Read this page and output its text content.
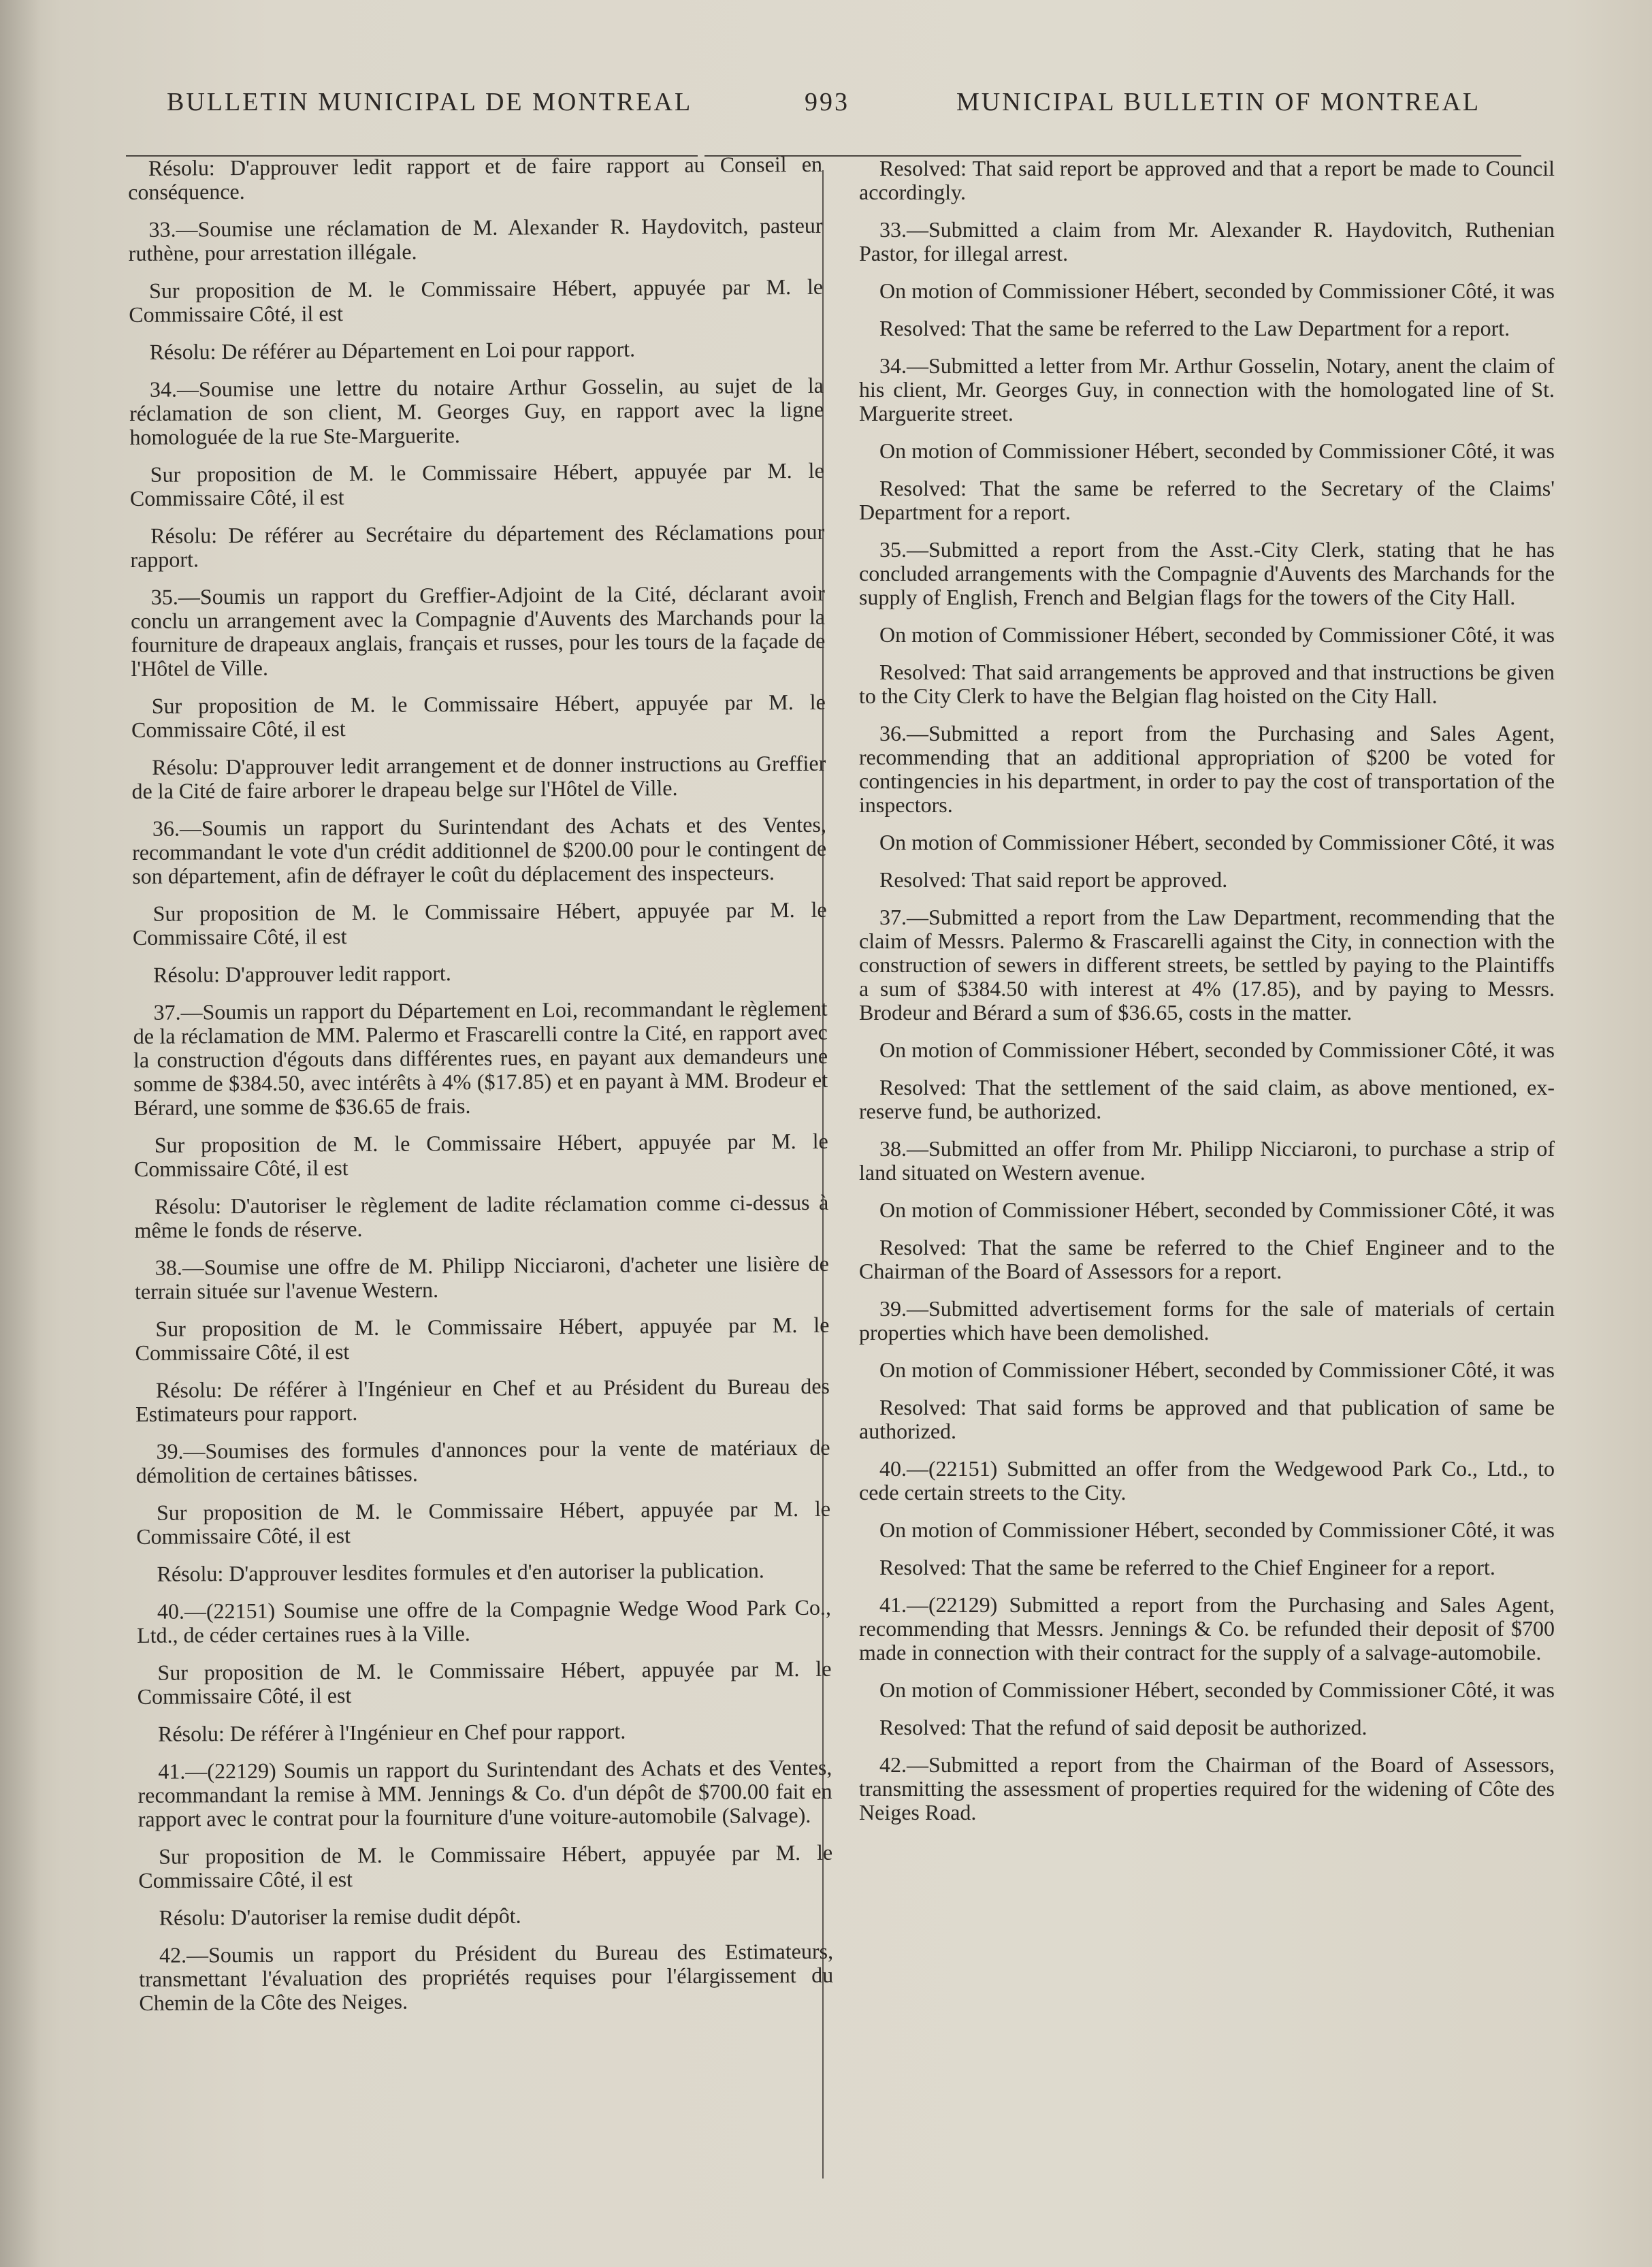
BULLETIN MUNICIPAL DE MONTREAL	993	MUNICIPAL BULLETIN OF MONTREAL

Résolu: D'approuver ledit rapport et de faire rapport au Conseil en conséquence.

33.—Soumise une réclamation de M. Alexander R. Haydovitch, pasteur ruthène, pour arrestation illégale.

Sur proposition de M. le Commissaire Hébert, appuyée par M. le Commissaire Côté, il est

Résolu: De référer au Département en Loi pour rapport.

34.—Soumise une lettre du notaire Arthur Gosselin, au sujet de la réclamation de son client, M. Georges Guy, en rapport avec la ligne homologuée de la rue Ste-Marguerite.

Sur proposition de M. le Commissaire Hébert, appuyée par M. le Commissaire Côté, il est

Résolu: De référer au Secrétaire du département des Réclamations pour rapport.

35.—Soumis un rapport du Greffier-Adjoint de la Cité, déclarant avoir conclu un arrangement avec la Compagnie d'Auvents des Marchands pour la fourniture de drapeaux anglais, français et russes, pour les tours de la façade de l'Hôtel de Ville.

Sur proposition de M. le Commissaire Hébert, appuyée par M. le Commissaire Côté, il est

Résolu: D'approuver ledit arrangement et de donner instructions au Greffier de la Cité de faire arborer le drapeau belge sur l'Hôtel de Ville.

36.—Soumis un rapport du Surintendant des Achats et des Ventes, recommandant le vote d'un crédit additionnel de $200.00 pour le contingent de son département, afin de défrayer le coût du déplacement des inspecteurs.

Sur proposition de M. le Commissaire Hébert, appuyée par M. le Commissaire Côté, il est

Résolu: D'approuver ledit rapport.

37.—Soumis un rapport du Département en Loi, recommandant le règlement de la réclamation de MM. Palermo et Frascarelli contre la Cité, en rapport avec la construction d'égouts dans différentes rues, en payant aux demandeurs une somme de $384.50, avec intérêts à 4% ($17.85) et en payant à MM. Brodeur et Bérard, une somme de $36.65 de frais.

Sur proposition de M. le Commissaire Hébert, appuyée par M. le Commissaire Côté, il est

Résolu: D'autoriser le règlement de ladite réclamation comme ci-dessus à même le fonds de réserve.

38.—Soumise une offre de M. Philipp Nicciaroni, d'acheter une lisière de terrain située sur l'avenue Western.

Sur proposition de M. le Commissaire Hébert, appuyée par M. le Commissaire Côté, il est

Résolu: De référer à l'Ingénieur en Chef et au Président du Bureau des Estimateurs pour rapport.

39.—Soumises des formules d'annonces pour la vente de matériaux de démolition de certaines bâtisses.

Sur proposition de M. le Commissaire Hébert, appuyée par M. le Commissaire Côté, il est

Résolu: D'approuver lesdites formules et d'en autoriser la publication.

40.—(22151) Soumise une offre de la Compagnie Wedge Wood Park Co., Ltd., de céder certaines rues à la Ville.

Sur proposition de M. le Commissaire Hébert, appuyée par M. le Commissaire Côté, il est

Résolu: De référer à l'Ingénieur en Chef pour rapport.

41.—(22129) Soumis un rapport du Surintendant des Achats et des Ventes, recommandant la remise à MM. Jennings & Co. d'un dépôt de $700.00 fait en rapport avec le contrat pour la fourniture d'une voiture-automobile (Salvage).

Sur proposition de M. le Commissaire Hébert, appuyée par M. le Commissaire Côté, il est

Résolu: D'autoriser la remise dudit dépôt.

42.—Soumis un rapport du Président du Bureau des Estimateurs, transmettant l'évaluation des propriétés requises pour l'élargissement du Chemin de la Côte des Neiges.

Resolved: That said report be approved and that a report be made to Council accordingly.

33.—Submitted a claim from Mr. Alexander R. Haydovitch, Ruthenian Pastor, for illegal arrest.

On motion of Commissioner Hébert, seconded by Commissioner Côté, it was

Resolved: That the same be referred to the Law Department for a report.

34.—Submitted a letter from Mr. Arthur Gosselin, Notary, anent the claim of his client, Mr. Georges Guy, in connection with the homologated line of St. Marguerite street.

On motion of Commissioner Hébert, seconded by Commissioner Côté, it was

Resolved: That the same be referred to the Secretary of the Claims' Department for a report.

35.—Submitted a report from the Asst.-City Clerk, stating that he has concluded arrangements with the Compagnie d'Auvents des Marchands for the supply of English, French and Belgian flags for the towers of the City Hall.

On motion of Commissioner Hébert, seconded by Commissioner Côté, it was

Resolved: That said arrangements be approved and that instructions be given to the City Clerk to have the Belgian flag hoisted on the City Hall.

36.—Submitted a report from the Purchasing and Sales Agent, recommending that an additional appropriation of $200 be voted for contingencies in his department, in order to pay the cost of transportation of the inspectors.

On motion of Commissioner Hébert, seconded by Commissioner Côté, it was

Resolved: That said report be approved.

37.—Submitted a report from the Law Department, recommending that the claim of Messrs. Palermo & Frascarelli against the City, in connection with the construction of sewers in different streets, be settled by paying to the Plaintiffs a sum of $384.50 with interest at 4% (17.85), and by paying to Messrs. Brodeur and Bérard a sum of $36.65, costs in the matter.

On motion of Commissioner Hébert, seconded by Commissioner Côté, it was

Resolved: That the settlement of the said claim, as above mentioned, ex-reserve fund, be authorized.

38.—Submitted an offer from Mr. Philipp Nicciaroni, to purchase a strip of land situated on Western avenue.

On motion of Commissioner Hébert, seconded by Commissioner Côté, it was

Resolved: That the same be referred to the Chief Engineer and to the Chairman of the Board of Assessors for a report.

39.—Submitted advertisement forms for the sale of materials of certain properties which have been demolished.

On motion of Commissioner Hébert, seconded by Commissioner Côté, it was

Resolved: That said forms be approved and that publication of same be authorized.

40.—(22151) Submitted an offer from the Wedgewood Park Co., Ltd., to cede certain streets to the City.

On motion of Commissioner Hébert, seconded by Commissioner Côté, it was

Resolved: That the same be referred to the Chief Engineer for a report.

41.—(22129) Submitted a report from the Purchasing and Sales Agent, recommending that Messrs. Jennings & Co. be refunded their deposit of $700 made in connection with their contract for the supply of a salvage-automobile.

On motion of Commissioner Hébert, seconded by Commissioner Côté, it was

Resolved: That the refund of said deposit be authorized.

42.—Submitted a report from the Chairman of the Board of Assessors, transmitting the assessment of properties required for the widening of Côte des Neiges Road.
